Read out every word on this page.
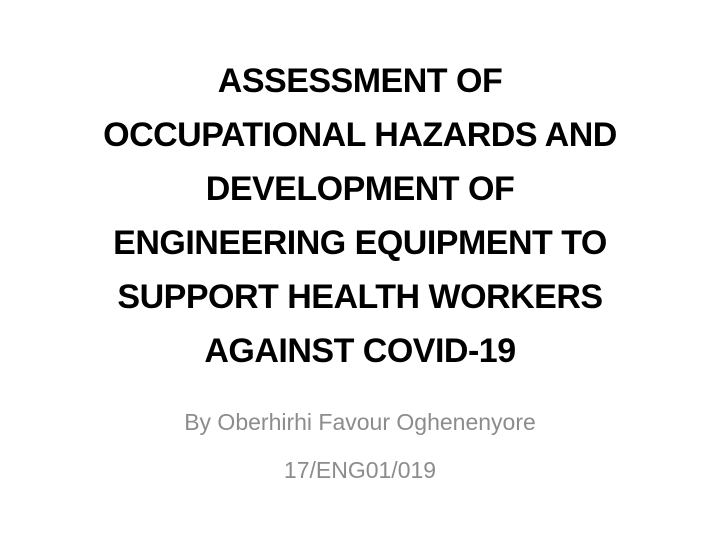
ASSESSMENT OF
OCCUPATIONAL HAZARDS AND
DEVELOPMENT OF
ENGINEERING EQUIPMENT TO
SUPPORT HEALTH WORKERS
AGAINST COVID-19
By Oberhirhi Favour Oghenenyore
17/ENG01/019
